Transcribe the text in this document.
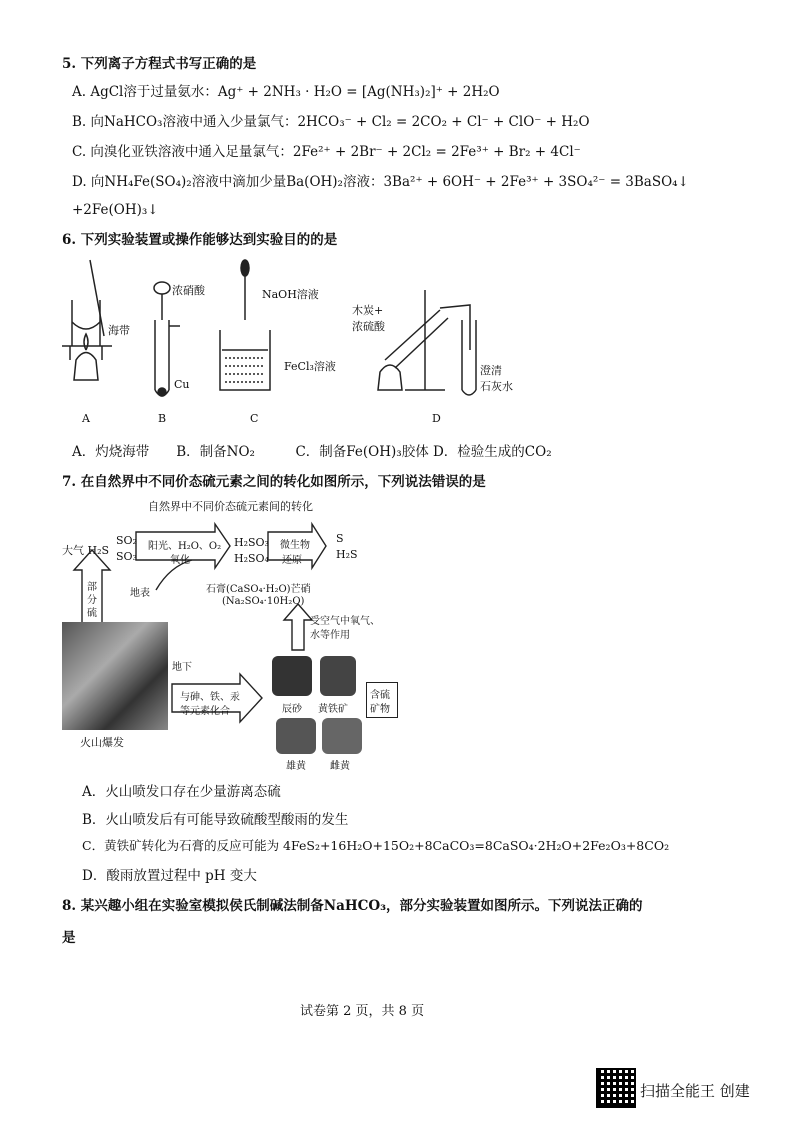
5. 下列离子方程式书写正确的是
A. AgCl溶于过量氨水：Ag⁺ + 2NH₃ · H₂O = [Ag(NH₃)₂]⁺ + 2H₂O
B. 向NaHCO₃溶液中通入少量氯气：2HCO₃⁻ + Cl₂ = 2CO₂ + Cl⁻ + ClO⁻ + H₂O
C. 向溴化亚铁溶液中通入足量氯气：2Fe²⁺ + 2Br⁻ + 2Cl₂ = 2Fe³⁺ + Br₂ + 4Cl⁻
D. 向NH₄Fe(SO₄)₂溶液中滴加少量Ba(OH)₂溶液：3Ba²⁺ + 6OH⁻ + 2Fe³⁺ + 3SO₄²⁻ = 3BaSO₄↓
+2Fe(OH)₃↓
6. 下列实验装置或操作能够达到实验目的的是
海带
浓硝酸
Cu
NaOH溶液
FeCl₃溶液
木炭+
浓硫酸
澄清
石灰水
A	B	C	D
A．灼烧海带　　B．制备NO₂　　　C．制备Fe(OH)₃胶体 D．检验生成的CO₂
7. 在自然界中不同价态硫元素之间的转化如图所示，下列说法错误的是
自然界中不同价态硫元素间的转化
大气 H₂S
SO₂
SO₃
阳光、H₂O、O₂
氧化
H₂SO₃
H₂SO₄
微生物
还原
S
H₂S
石膏(CaSO₄·H₂O)芒硝
(Na₂SO₄·10H₂O)
部
分
硫
地表
受空气中氧气、
水等作用
火山爆发
地下
与砷、铁、汞
等元素化合	辰砂 黄铁矿
雄黄 雌黄
含硫
矿物
A．火山喷发口存在少量游离态硫
B．火山喷发后有可能导致硫酸型酸雨的发生
C．黄铁矿转化为石膏的反应可能为 4FeS₂+16H₂O+15O₂+8CaCO₃=8CaSO₄·2H₂O+2Fe₂O₃+8CO₂
D．酸雨放置过程中 pH 变大
8. 某兴趣小组在实验室模拟侯氏制碱法制备NaHCO₃，部分实验装置如图所示。下列说法正确的
是
试卷第 2 页，共 8 页
扫描全能王 创建
